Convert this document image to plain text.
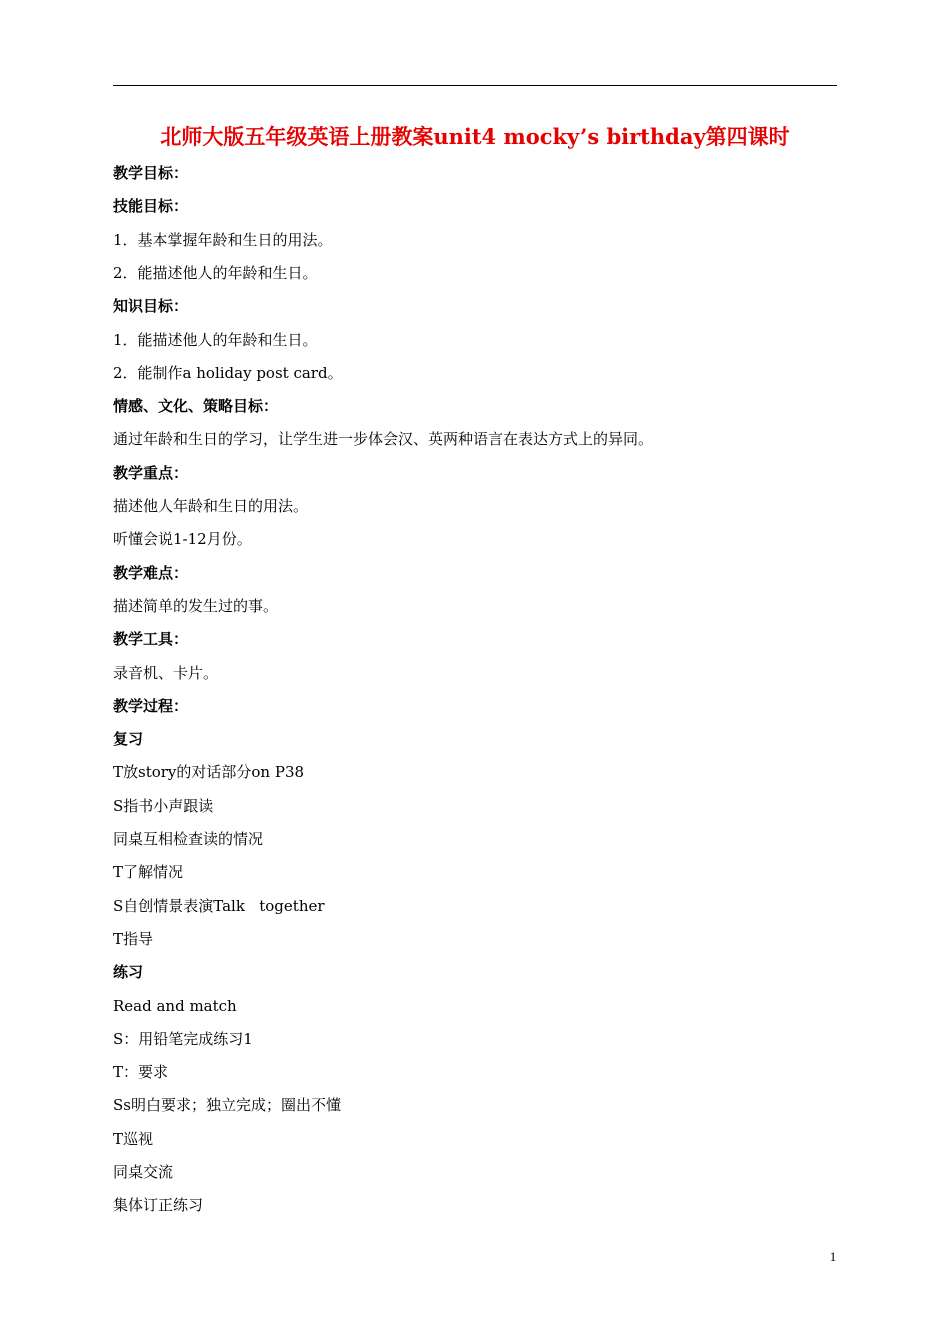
北师大版五年级英语上册教案unit4 mocky’s birthday第四课时
教学目标：
技能目标：
1．基本掌握年龄和生日的用法。
2．能描述他人的年龄和生日。
知识目标：
1．能描述他人的年龄和生日。
2．能制作a holiday post card。
情感、文化、策略目标：
通过年龄和生日的学习，让学生进一步体会汉、英两种语言在表达方式上的异同。
教学重点：
描述他人年龄和生日的用法。
听懂会说1-12月份。
教学难点：
描述简单的发生过的事。
教学工具：
录音机、卡片。
教学过程：
复习
T放story的对话部分on P38
S指书小声跟读
同桌互相检查读的情况
T了解情况
S自创情景表演Talk   together
T指导
练习
Read and match
S：用铅笔完成练习1
T：要求
Ss明白要求；独立完成；圈出不懂
T巡视
同桌交流
集体订正练习
1
